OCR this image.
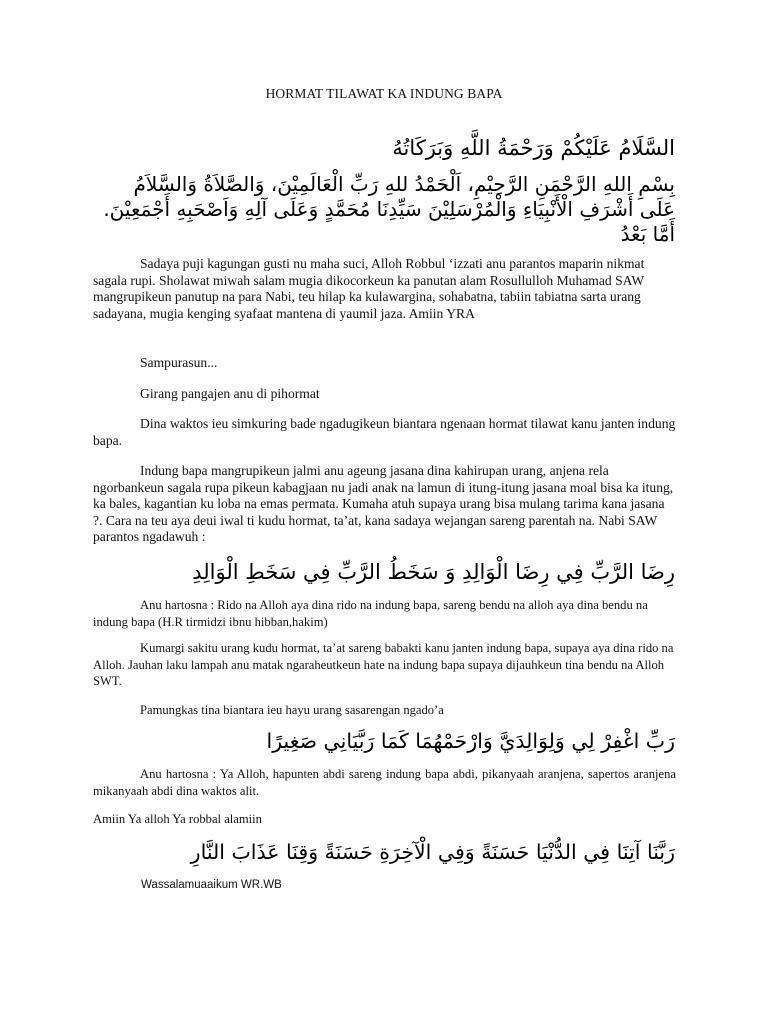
HORMAT TILAWAT KA INDUNG BAPA
السَّلَامُ عَلَيْكُمْ وَرَحْمَةُ اللَّهِ وَبَرَكَاتُهُ
بِسْمِ اللهِ الرَّحْمَنِ الرَّحِيْمِ، اَلْحَمْدُ للهِ رَبِّ الْعَالَمِيْنَ، وَالصَّلاَةُ وَالسَّلاَمُ عَلَى أَشْرَفِ الْأَنْبِيَاءِ وَالْمُرْسَلِيْنَ سَيِّدِنَا مُحَمَّدٍ وَعَلَى آلِهِ وَاَصْحَبِهِ أَجْمَعِيْنَ. أَمَّا بَعْدُ
Sadaya puji kagungan gusti nu maha suci, Alloh Robbul ‘izzati anu parantos maparin nikmat sagala rupi. Sholawat miwah salam mugia dikocorkeun ka panutan alam Rosullulloh Muhamad SAW mangrupikeun panutup na para Nabi, teu hilap ka kulawargina, sohabatna, tabiin tabiatna sarta urang sadayana, mugia kenging syafaat mantena di yaumil jaza. Amiin YRA
Sampurasun...
Girang pangajen anu di pihormat
Dina waktos ieu simkuring bade ngadugikeun biantara ngenaan hormat tilawat kanu janten indung bapa.
Indung bapa mangrupikeun jalmi anu ageung jasana dina kahirupan urang, anjena rela ngorbankeun sagala rupa pikeun kabagjaan nu jadi anak na lamun di itung-itung jasana moal bisa ka itung, ka bales, kagantian ku loba na emas permata. Kumaha atuh supaya urang bisa mulang tarima kana jasana ?. Cara na teu aya deui iwal ti kudu hormat, ta’at, kana sadaya wejangan sareng parentah na. Nabi SAW parantos ngadawuh :
رِضَا الرَّبِّ فِي رِضَا الْوَالِدِ وَ سَخَطُ الرَّبِّ فِي سَخَطِ الْوَالِدِ
Anu hartosna : Rido na Alloh aya dina rido na indung bapa, sareng bendu na alloh aya dina bendu na indung bapa (H.R tirmidzi ibnu hibban,hakim)
Kumargi sakitu urang kudu hormat, ta’at sareng babakti kanu janten indung bapa, supaya aya dina rido na Alloh. Jauhan laku lampah anu matak ngaraheutkeun hate na indung bapa supaya dijauhkeun tina bendu na Alloh SWT.
Pamungkas tina biantara ieu hayu urang sasarengan ngado’a
رَبِّ اغْفِرْ لِي وَلِوَالِدَيَّ وَارْحَمْهُمَا كَمَا رَبَّيَانِي صَغِيرًا
Anu hartosna : Ya Alloh, hapunten abdi sareng indung bapa abdi, pikanyaah aranjena, sapertos aranjena mikanyaah abdi dina waktos alit.
Amiin Ya alloh Ya robbal alamiin
رَبَّنَا آتِنَا فِي الدُّنْيَا حَسَنَةً وَفِي الْآخِرَةِ حَسَنَةً وَقِنَا عَذَابَ النَّارِ
Wassalamuaaikum WR.WB
